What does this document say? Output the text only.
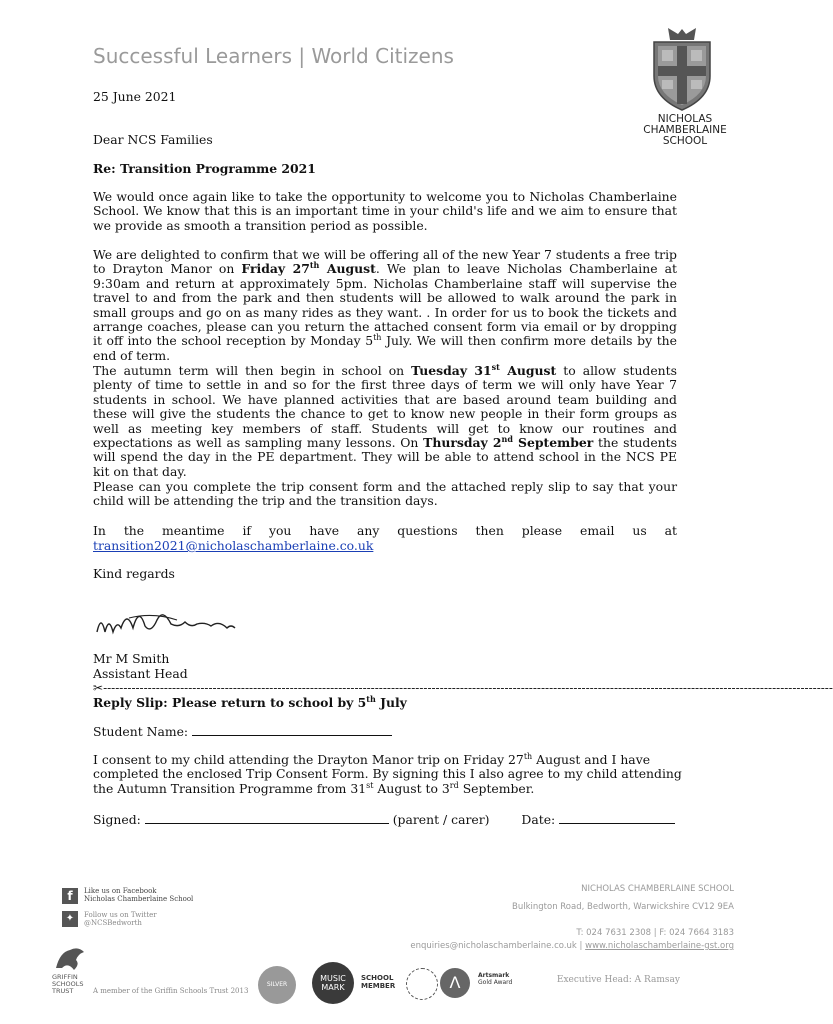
Successful Learners | World Citizens
NICHOLAS
CHAMBERLAINE
SCHOOL
25 June 2021
Dear NCS Families
Re: Transition Programme 2021

We would once again like to take the opportunity to welcome you to Nicholas Chamberlaine School. We know that this is an important time in your child's life and we aim to ensure that we provide as smooth a transition period as possible.

We are delighted to confirm that we will be offering all of the new Year 7 students a free trip to Drayton Manor on Friday 27th August. We plan to leave Nicholas Chamberlaine at 9:30am and return at approximately 5pm. Nicholas Chamberlaine staff will supervise the travel to and from the park and then students will be allowed to walk around the park in small groups and go on as many rides as they want. . In order for us to book the tickets and arrange coaches, please can you return the attached consent form via email or by dropping it off into the school reception by Monday 5th July. We will then confirm more details by the end of term.

The autumn term will then begin in school on Tuesday 31st August to allow students plenty of time to settle in and so for the first three days of term we will only have Year 7 students in school. We have planned activities that are based around team building and these will give the students the chance to get to know new people in their form groups as well as meeting key members of staff. Students will get to know our routines and expectations as well as sampling many lessons. On Thursday 2nd September the students will spend the day in the PE department. They will be able to attend school in the NCS PE kit on that day.

Please can you complete the trip consent form and the attached reply slip to say that your child will be attending the trip and the transition days.

In the meantime if you have any questions then please email us at

transition2021@nicholaschamberlaine.co.uk
Kind regards
Mr M Smith
Assistant Head
✂------------------------------------------------------------------------------------------------------------------------------------------------------------------------------------
Reply Slip: Please return to school by 5th July
Student Name:

I consent to my child attending the Drayton Manor trip on Friday 27th August and I have completed the enclosed Trip Consent Form. By signing this I also agree to my child attending the Autumn Transition Programme from 31st August to 3rd September.

Signed:	(parent / carer)	Date:
f	Like us on Facebook
Nicholas Chamberlaine School
✦	Follow us on Twitter
@NCSBedworth
GRIFFIN
SCHOOLS
TRUST	A member of the Griffin Schools Trust 2013
SILVER
MUSIC
MARK
SCHOOL
MEMBER	Λ	Artsmark
Gold Award
NICHOLAS CHAMBERLAINE SCHOOL
Bulkington Road, Bedworth, Warwickshire CV12 9EA
T: 024 7631 2308 | F: 024 7664 3183
enquiries@nicholaschamberlaine.co.uk | www.nicholaschamberlaine-gst.org
Executive Head: A Ramsay
